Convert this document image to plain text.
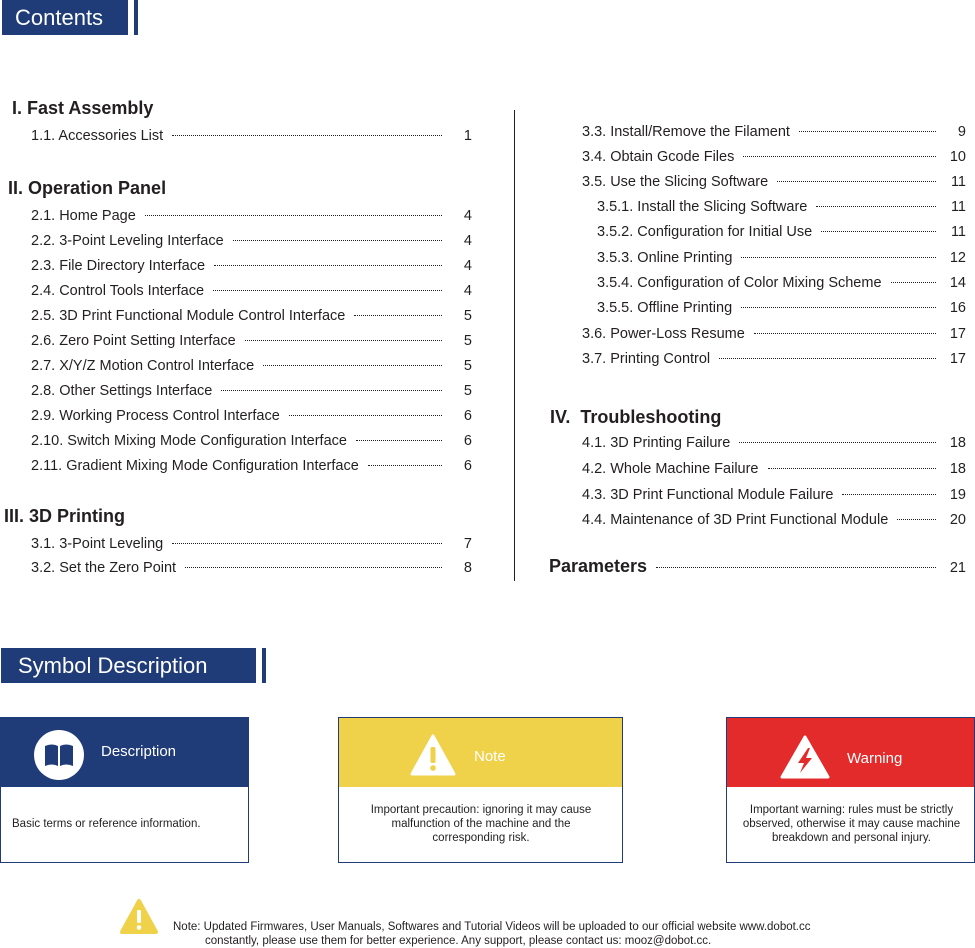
Contents
I. Fast Assembly
II. Operation Panel
III. 3D Printing
1.1. Accessories List	1
2.1. Home Page	4
2.2. 3-Point Leveling Interface	4
2.3. File Directory Interface	4
2.4. Control Tools Interface	4
2.5. 3D Print Functional Module Control Interface	5
2.6. Zero Point Setting Interface	5
2.7. X/Y/Z Motion Control Interface	5
2.8. Other Settings Interface	5
2.9. Working Process Control Interface	6
2.10. Switch Mixing Mode Configuration Interface	6
2.11. Gradient Mixing Mode Configuration Interface	6
3.1. 3-Point Leveling	7
3.2. Set the Zero Point	8
3.3. Install/Remove the Filament	9
3.4. Obtain Gcode Files	10
3.5. Use the Slicing Software	11
3.5.1. Install the Slicing Software	11
3.5.2. Configuration for Initial Use	11
3.5.3. Online Printing	12
3.5.4. Configuration of Color Mixing Scheme	14
3.5.5. Offline Printing	16
3.6. Power-Loss Resume	17
3.7. Printing Control	17
IV. Troubleshooting
4.1. 3D Printing Failure	18
4.2. Whole Machine Failure	18
4.3. 3D Print Functional Module Failure	19
4.4. Maintenance of 3D Print Functional Module	20
Parameters	21
Symbol Description
Description
Basic terms or reference information.
Note
Important precaution: ignoring it may cause malfunction of the machine and the corresponding risk.
Warning
Important warning: rules must be strictly observed, otherwise it may cause machine breakdown and personal injury.
Note: Updated Firmwares, User Manuals, Softwares and Tutorial Videos will be uploaded to our official website www.dobot.cc
constantly, please use them for better experience. Any support, please contact us: mooz@dobot.cc.
